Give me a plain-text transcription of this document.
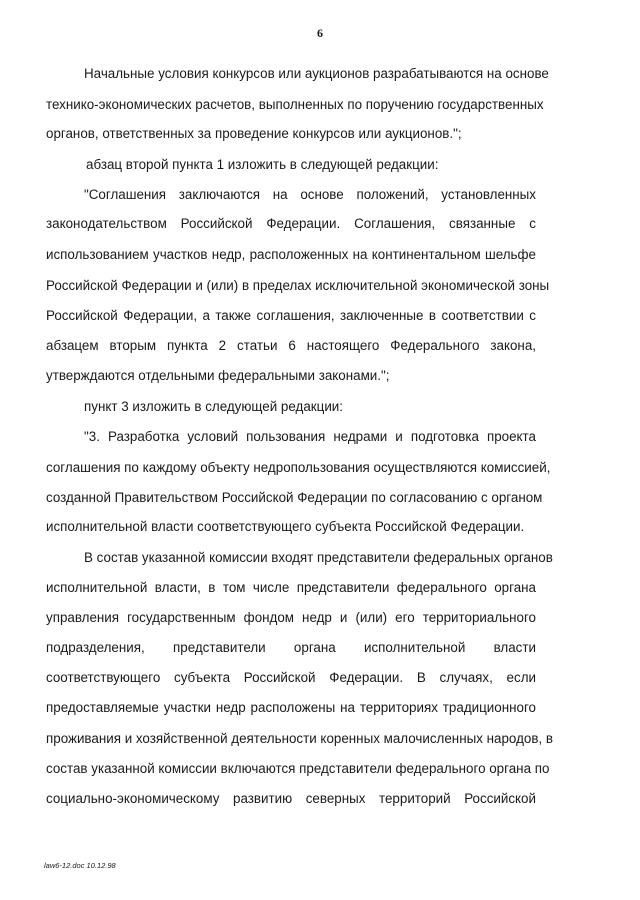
6
Начальные условия конкурсов или аукционов разрабатываются на основе
технико-экономических расчетов, выполненных по поручению государственных
органов, ответственных за проведение конкурсов или аукционов.";
абзац второй пункта 1 изложить в следующей редакции:
"Соглашения заключаются на основе положений, установленных
законодательством Российской Федерации. Соглашения, связанные с
использованием участков недр, расположенных на континентальном шельфе
Российской Федерации и (или) в пределах исключительной экономической зоны
Российской Федерации, а также соглашения, заключенные в соответствии с
абзацем вторым пункта 2 статьи 6 настоящего Федерального закона,
утверждаются отдельными федеральными законами.";
пункт 3 изложить в следующей редакции:
"3. Разработка условий пользования недрами и подготовка проекта
соглашения по каждому объекту недропользования осуществляются комиссией,
созданной Правительством Российской Федерации по согласованию с органом
исполнительной власти соответствующего субъекта Российской Федерации.
В состав указанной комиссии входят представители федеральных органов
исполнительной власти, в том числе представители федерального органа
управления государственным фондом недр и (или) его территориального
подразделения, представители органа исполнительной власти
соответствующего субъекта Российской Федерации. В случаях, если
предоставляемые участки недр расположены на территориях традиционного
проживания и хозяйственной деятельности коренных малочисленных народов, в
состав указанной комиссии включаются представители федерального органа по
социально-экономическому развитию северных территорий Российской
law6-12.doc 10.12.98
